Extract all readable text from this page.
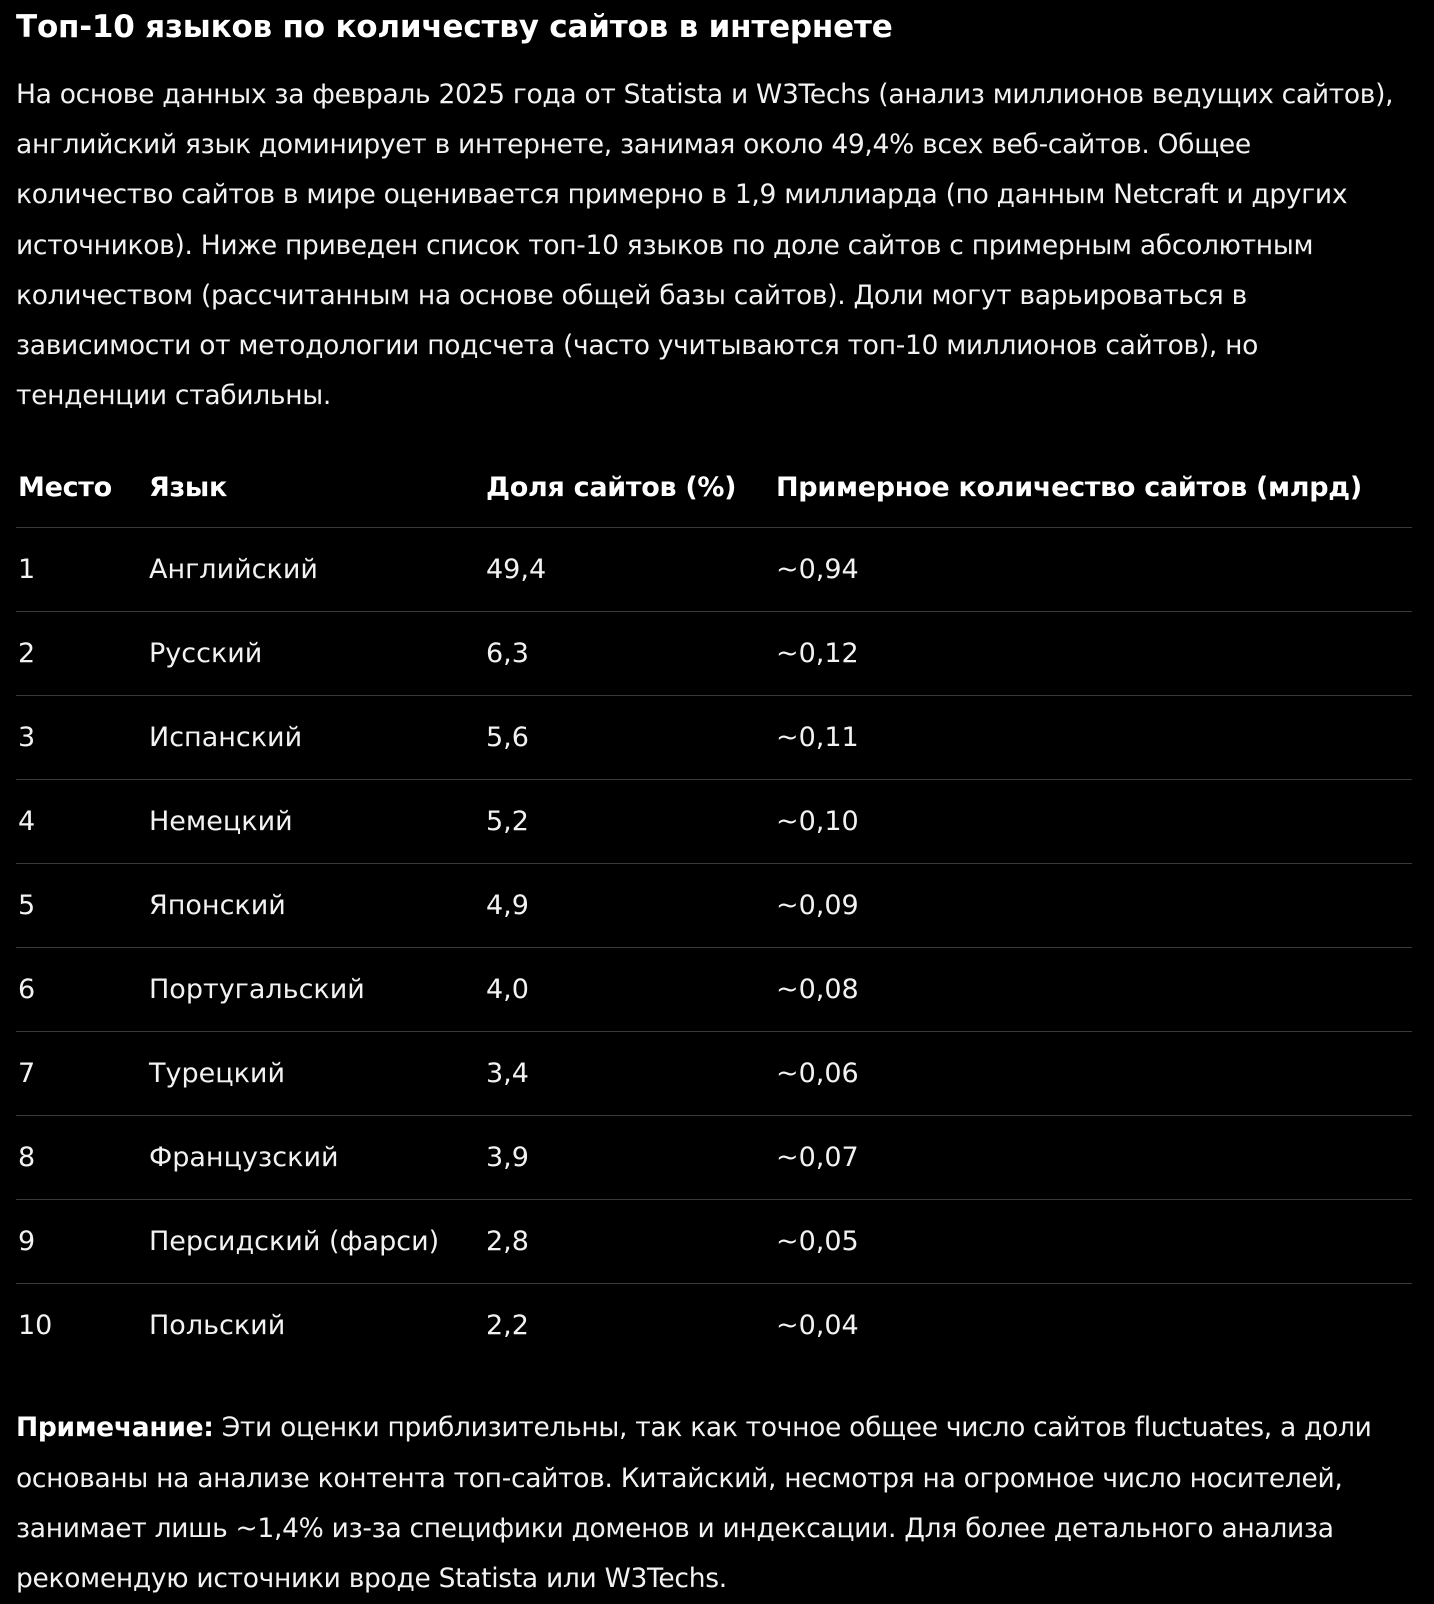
Топ-10 языков по количеству сайтов в интернете

На основе данных за февраль 2025 года от Statista и W3Techs (анализ миллионов ведущих сайтов), английский язык доминирует в интернете, занимая около 49,4% всех веб-сайтов. Общее количество сайтов в мире оценивается примерно в 1,9 миллиарда (по данным Netcraft и других источников). Ниже приведен список топ-10 языков по доле сайтов с примерным абсолютным количеством (рассчитанным на основе общей базы сайтов). Доли могут варьироваться в зависимости от методологии подсчета (часто учитываются топ-10 миллионов сайтов), но тенденции стабильны.

Место	Язык	Доля сайтов (%)	Примерное количество сайтов (млрд)
1	Английский	49,4	~0,94
2	Русский	6,3	~0,12
3	Испанский	5,6	~0,11
4	Немецкий	5,2	~0,10
5	Японский	4,9	~0,09
6	Португальский	4,0	~0,08
7	Турецкий	3,4	~0,06
8	Французский	3,9	~0,07
9	Персидский (фарси)	2,8	~0,05
10	Польский	2,2	~0,04

Примечание: Эти оценки приблизительны, так как точное общее число сайтов fluctuates, а доли основаны на анализе контента топ-сайтов. Китайский, несмотря на огромное число носителей, занимает лишь ~1,4% из-за специфики доменов и индексации. Для более детального анализа рекомендую источники вроде Statista или W3Techs.
